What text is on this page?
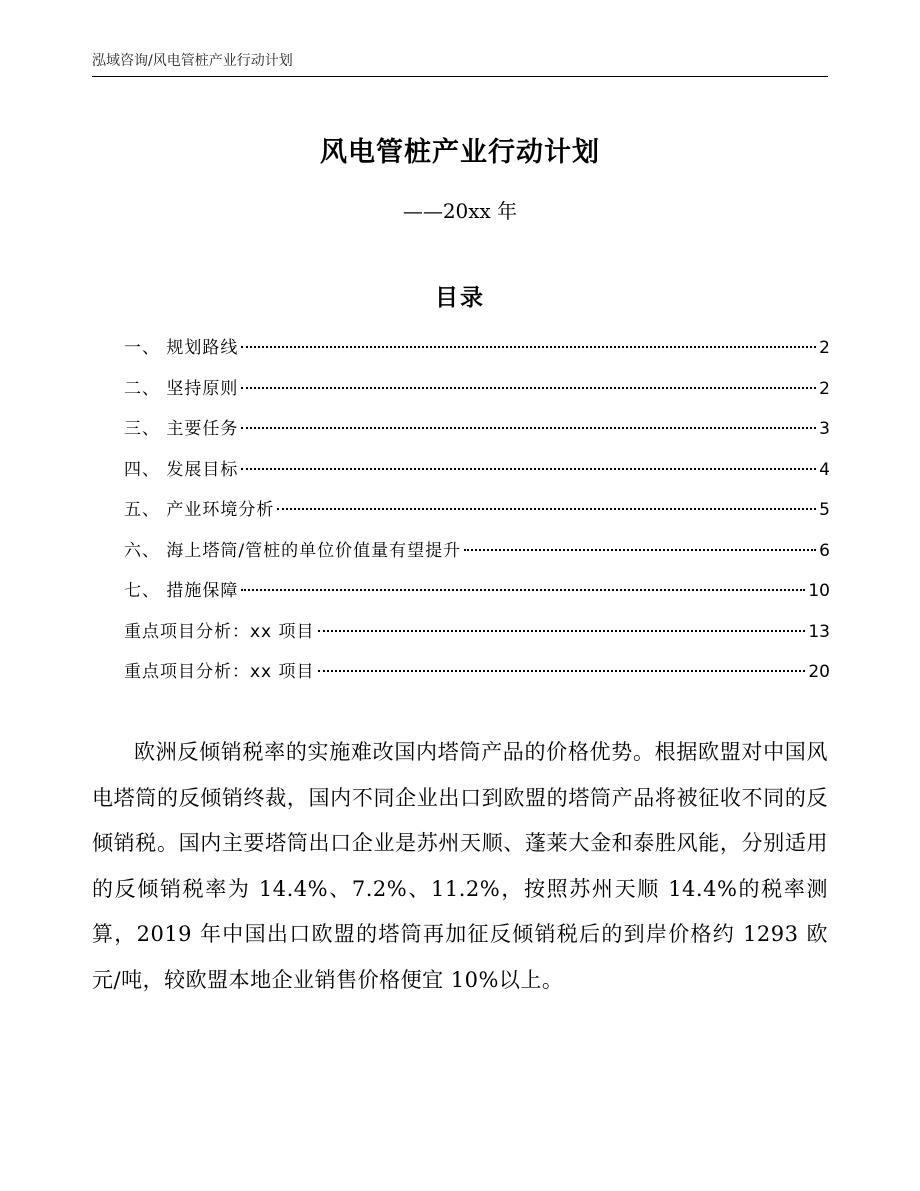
泓域咨询/风电管桩产业行动计划
风电管桩产业行动计划
——20xx 年
目录
一、 规划路线	2
二、 坚持原则	2
三、 主要任务	3
四、 发展目标	4
五、 产业环境分析	5
六、 海上塔筒/管桩的单位价值量有望提升	6
七、 措施保障	10
重点项目分析：xx 项目	13
重点项目分析：xx 项目	20

欧洲反倾销税率的实施难改国内塔筒产品的价格优势。根据欧盟对中国风电塔筒的反倾销终裁，国内不同企业出口到欧盟的塔筒产品将被征收不同的反倾销税。国内主要塔筒出口企业是苏州天顺、蓬莱大金和泰胜风能，分别适用的反倾销税率为 14.4%、7.2%、11.2%，按照苏州天顺 14.4%的税率测算，2019 年中国出口欧盟的塔筒再加征反倾销税后的到岸价格约 1293 欧元/吨，较欧盟本地企业销售价格便宜 10%以上。
